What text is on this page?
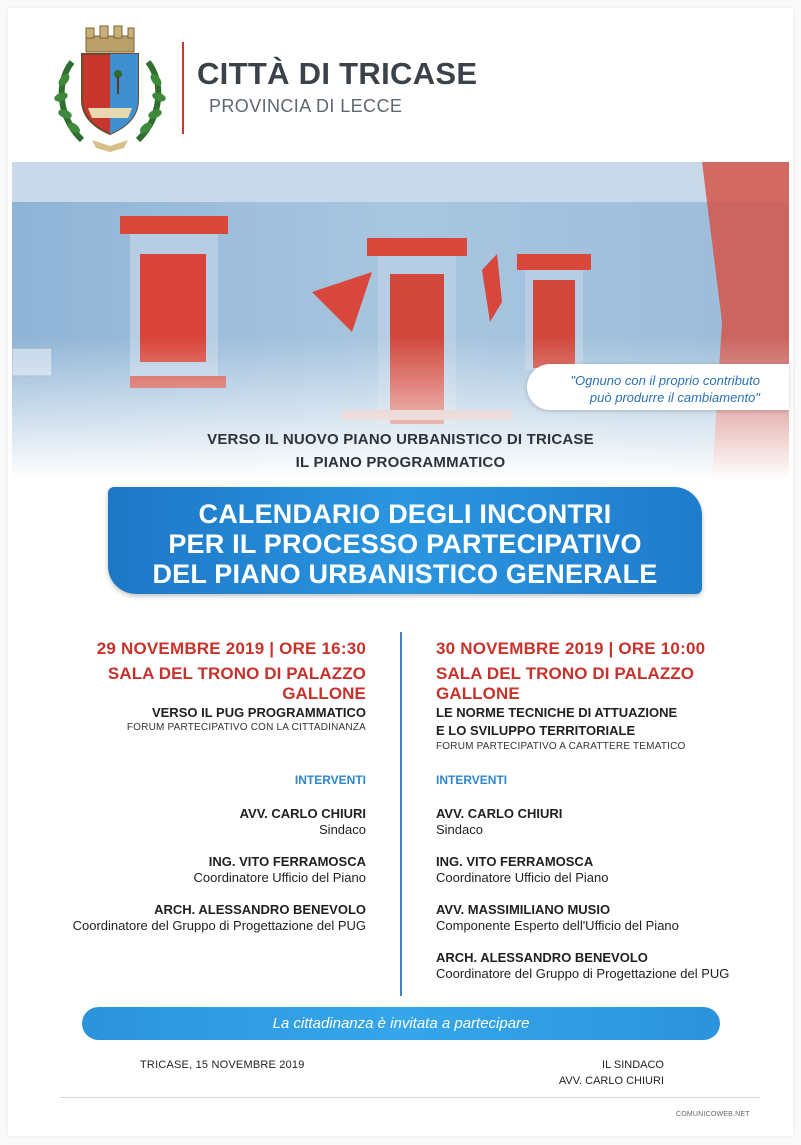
CITTÀ DI TRICASE
PROVINCIA DI LECCE
"Ognuno con il proprio contributo
può produrre il cambiamento"
VERSO IL NUOVO PIANO URBANISTICO DI TRICASE
IL PIANO PROGRAMMATICO
CALENDARIO DEGLI INCONTRI
PER IL PROCESSO PARTECIPATIVO
DEL PIANO URBANISTICO GENERALE
29 NOVEMBRE 2019 | ORE 16:30
SALA DEL TRONO DI PALAZZO GALLONE
VERSO IL PUG PROGRAMMATICO
FORUM PARTECIPATIVO CON LA CITTADINANZA
INTERVENTI
AVV. CARLO CHIURI
Sindaco
ING. VITO FERRAMOSCA
Coordinatore Ufficio del Piano
ARCH. ALESSANDRO BENEVOLO
Coordinatore del Gruppo di Progettazione del PUG
30 NOVEMBRE 2019 | ORE 10:00
SALA DEL TRONO DI PALAZZO GALLONE
LE NORME TECNICHE DI ATTUAZIONE
E LO SVILUPPO TERRITORIALE
FORUM PARTECIPATIVO A CARATTERE TEMATICO
INTERVENTI
AVV. CARLO CHIURI
Sindaco
ING. VITO FERRAMOSCA
Coordinatore Ufficio del Piano
AVV. MASSIMILIANO MUSIO
Componente Esperto dell'Ufficio del Piano
ARCH. ALESSANDRO BENEVOLO
Coordinatore del Gruppo di Progettazione del PUG
La cittadinanza è invitata a partecipare
TRICASE, 15 NOVEMBRE 2019	IL SINDACO
AVV. CARLO CHIURI
COMUNICOWEB.NET
